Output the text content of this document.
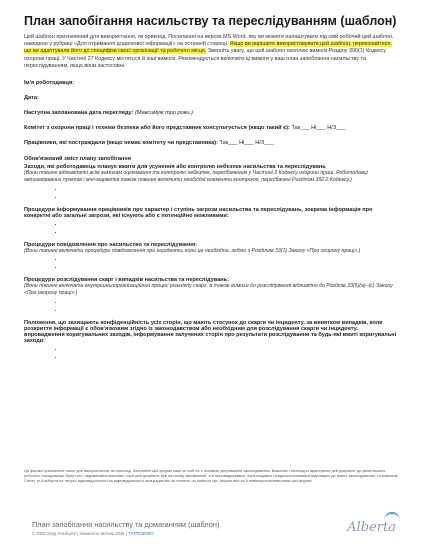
План запобігання насильству та переслідуванням (шаблон)

Цей шаблон призначений для використання, як приклад. Посилання на версію MS Word, яку ви можете налаштувати під свій робочий цей шаблон, наведено у рубриці «Для отримання додаткової інформації» на останній сторінці. Якщо ви вирішите використовувати цей шаблон, переконайтеся, що ви адаптували його до специфіки своєї організації та робочого місця. Зверніть увагу, що цей шаблон охоплює вимоги Розділу 390(1) Кодексу охорони праці. У Частині 27 Кодексу містяться й інші вимоги. Рекомендується включати ці вимоги у ваш план запобігання насильству та переслідуванням, якщо вони застосовні.

Ім'я роботодавця:

Дата:

Наступна запланована дата перегляду: (Максимум три роки.)

Комітет з охорони праці і техніки безпеки або його представник консультується (якщо такий є): Так___ Ні___ Н/З___

Працівники, які постраждали (якщо немає комітету чи представника): Так___ Ні___ Н/З___

Обов'язковий зміст плану запобігання

Заходи, які роботодавець планує вжити для усунення або контролю небезпек насильства та переслідувань

(Вони повинні відповідати всім вимогам оцінювання та контролю небезпек, передбаченим у Частині 2 Кодексу охорони праці. Роботодавці автозаправних пунктів і міні-маркетів також повинні включити необхідні елементи контролю, передбачені Розділом 392.2 Кодексу.)

•
•

Процедури інформування працівників про характер і ступінь загрози насильства та переслідувань, зокрема інформація про конкретні або загальні загрози, які існують або є потенційно можливими:

•
•

Процедури повідомлення про насильство та переслідування:

(Вони повинні включати процедури повідомлення про інциденти, коли це необхідно, згідно з Розділом 33(1) Закону «Про охорону праці».)

•
•

Процедури розслідування скарг і випадків насильства та переслідувань:

(Вони повинні включати внутрішньоорганізаційний процес розгляду скарг, а також вимоги до розслідування відповідно до Розділів 33(6)(a)–(c) Закону «Про охорону праці».)

•
•

Положення, що захищають конфіденційність усіх сторін, що мають стосунок до скарги чи інциденту, за винятком випадків, коли розкриття інформації є обов'язковим згідно із законодавством або необхідним для розслідування скарги чи інциденту, впровадження коригувальних заходів, інформування залучених сторін про результати розслідування та будь-які вжиті коригувальні заходи:

•
•

Ця форма призначена лише для використання, як приклад. Заповнені цієї форми самі по собі не є основою дотримання законодавства. Важливо і необхідно адаптувати цей документ до умов вашого робочого середовища. Крім того, надзвичайно важливо, щоб цей документ був на ньому заповнений, а й впроваджувався, переглядався та вдосконалювався відповідно до вимог законодавства. Ні компанія Сплат, ні Альберта не несуть відповідальності за відповідальності працездатних за точність чи повноту цієї форми або за її невикористанням вами цієї форми.

План запобігання насильству та домаганням (шаблон)
© 2025 Уряд Альберти | Змінено:ю квітень 2025 | ТАТПОЗОЕО	Alberta
